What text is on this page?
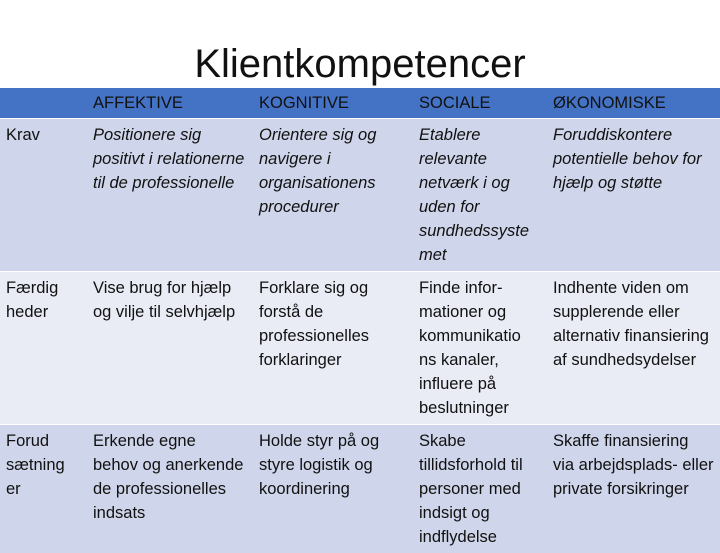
Klientkompetencer
	AFFEKTIVE	KOGNITIVE	SOCIALE	ØKONOMISKE
Krav	Positionere sig positivt i relationerne til de professionelle	Orientere sig og navigere i organisationens procedurer	Etablere relevante netværk i og uden for sundhedssyste met	Foruddiskontere potentielle behov for hjælp og støtte
Færdig heder	Vise brug for hjælp og vilje til selvhjælp	Forklare sig og forstå de professionelles forklaringer	Finde infor- mationer og kommunikatio ns kanaler, influere på beslutninger	Indhente viden om supplerende eller alternativ finansiering af sundhedsydelser
Forud sætning er	Erkende egne behov og anerkende de professionelles indsats	Holde styr på og styre logistik og koordinering	Skabe tillidsforhold til personer med indsigt og indflydelse	Skaffe finansiering via arbejdsplads- eller private forsikringer
